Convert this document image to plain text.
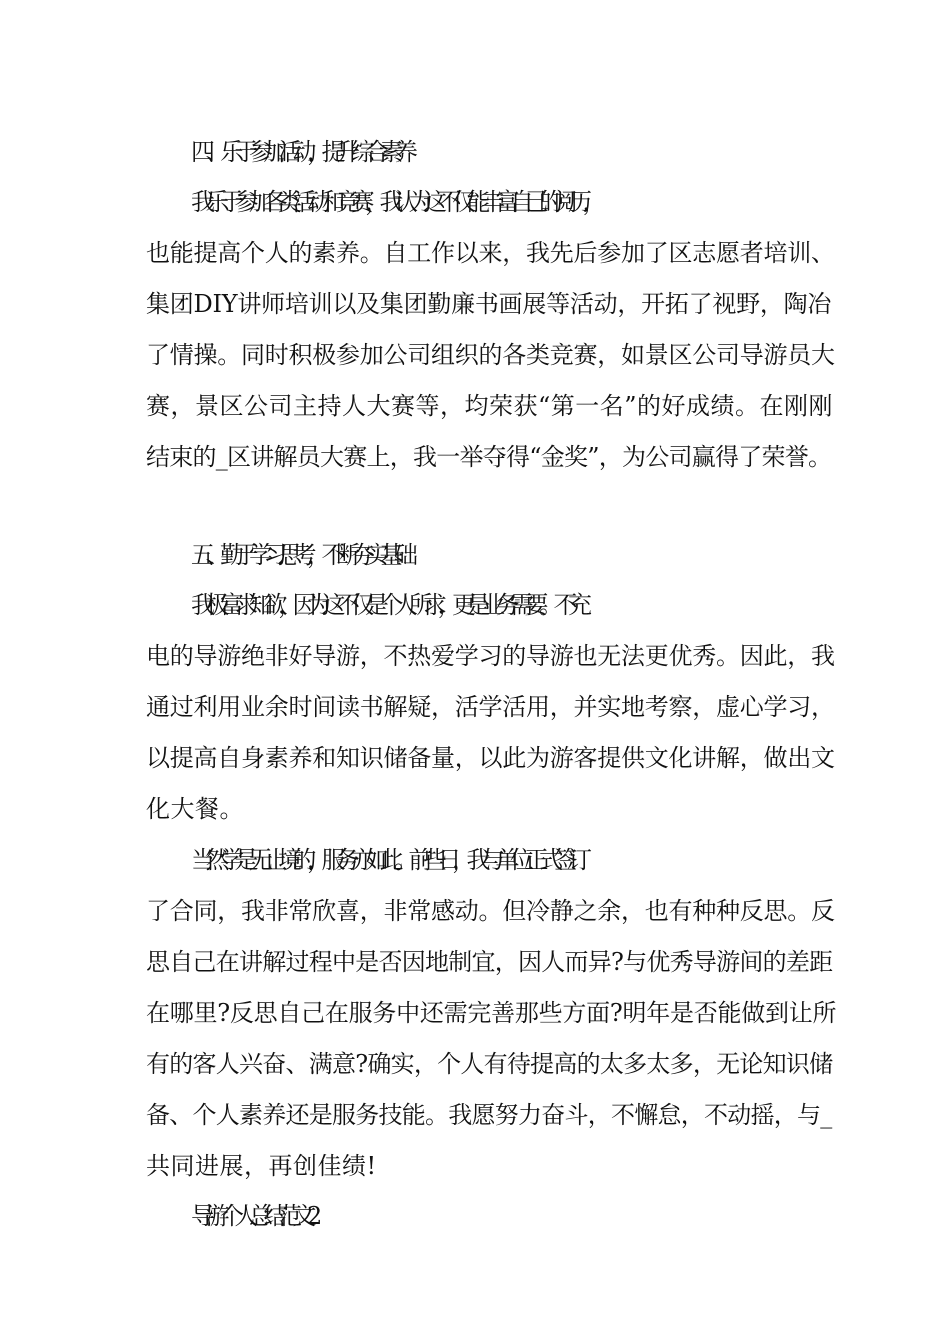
四、乐于参加活动，提升综合素养

我乐于参加各类活动和竞赛，我认为这不仅能丰富自己的阅历，

也能提高个人的素养。自工作以来，我先后参加了区志愿者培训、

集团DIY讲师培训以及集团勤廉书画展等活动，开拓了视野，陶冶

了情操。同时积极参加公司组织的各类竞赛，如景区公司导游员大

赛，景区公司主持人大赛等，均荣获“第一名”的好成绩。在刚刚

结束的_区讲解员大赛上，我一举夺得“金奖”，为公司赢得了荣誉。

五、勤于学习思考，不断夯实基础

我极富求知欲，因为这不仅是个人所求，更是业务需要。不充

电的导游绝非好导游，不热爱学习的导游也无法更优秀。因此，我

通过利用业余时间读书解疑，活学活用，并实地考察，虚心学习，

以提高自身素养和知识储备量，以此为游客提供文化讲解，做出文

化大餐。

当然学是无止境的，服务亦如此。前些日，我与单位正式签订

了合同，我非常欣喜，非常感动。但冷静之余，也有种种反思。反

思自己在讲解过程中是否因地制宜，因人而异?与优秀导游间的差距

在哪里?反思自己在服务中还需完善那些方面?明年是否能做到让所

有的客人兴奋、满意?确实，个人有待提高的太多太多，无论知识储

备、个人素养还是服务技能。我愿努力奋斗，不懈怠，不动摇，与_

共同进展，再创佳绩!

导游个人总结范文2
